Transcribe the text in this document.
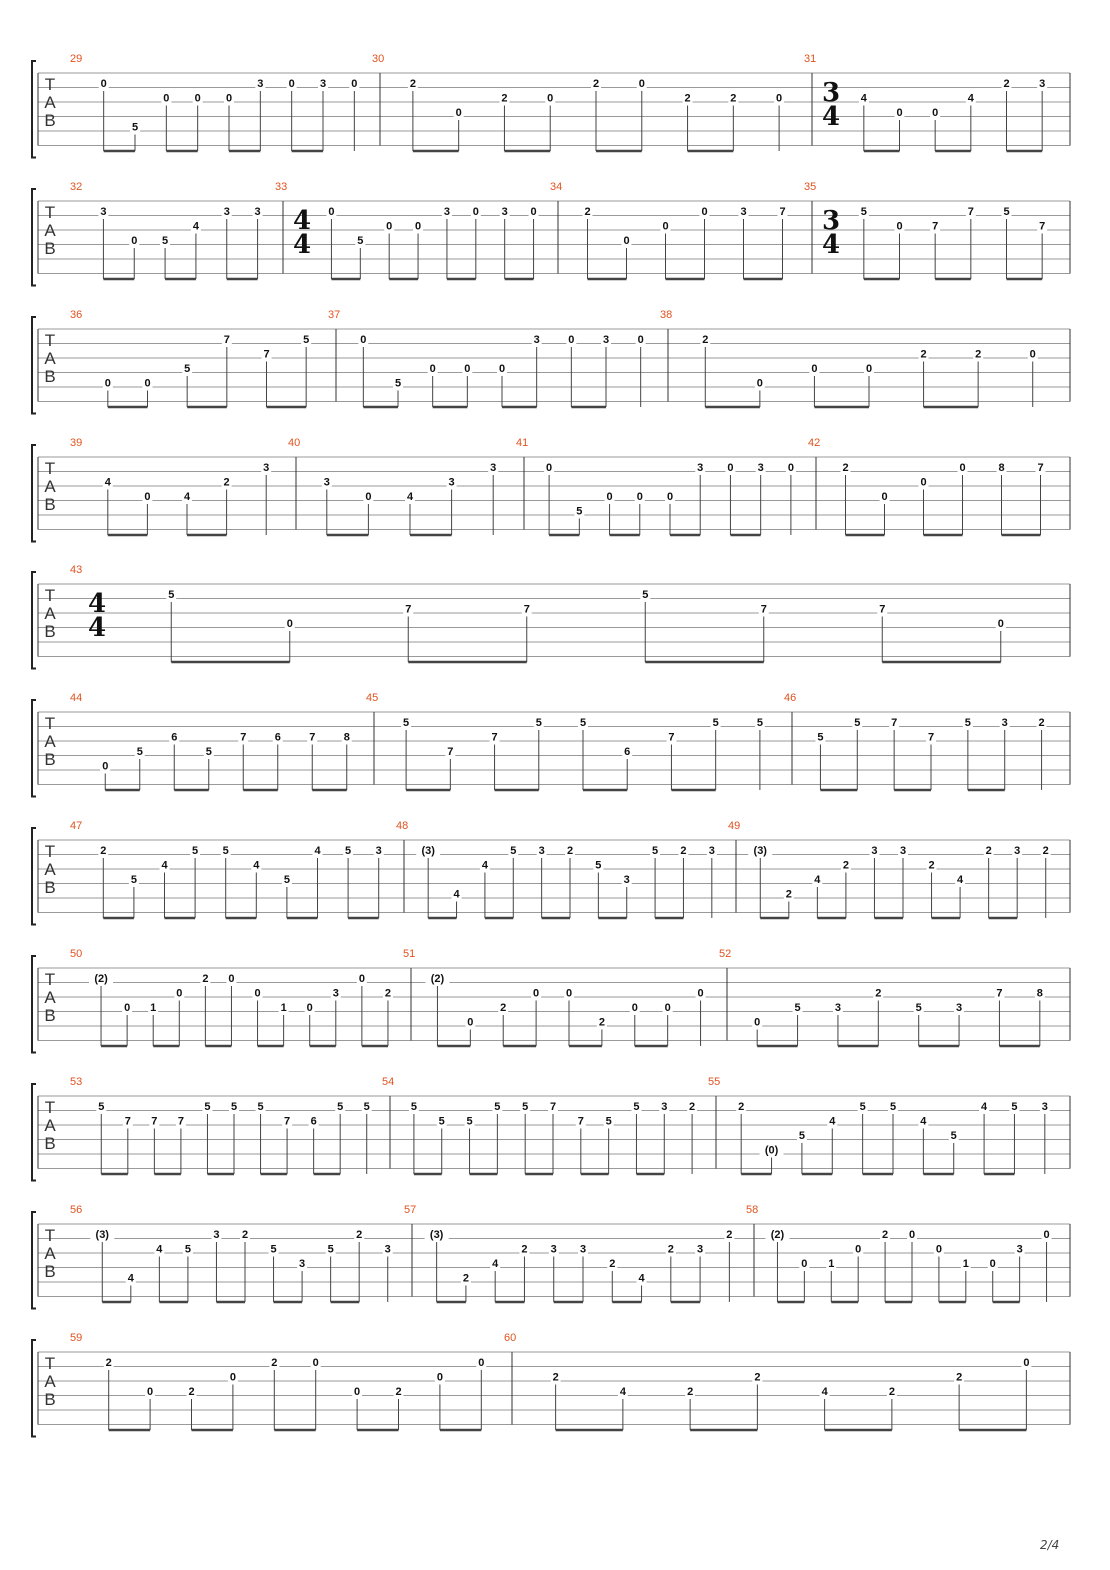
T
A
B
29
0
5
0 0 0
3 0 3 0
30
2
0
2	0
2	0
2	2	0
31
3
4
4
0	0
4
2	3
T
A
B
32
3
0 5
4
3 3
33
4
4
0
5
0 0
3 0 3 0
34
2
0
0
0	3	7
35
3
4
5
0	7
7	5
7
T
A
B
36
0	0
5
7
7
5
37
0
5
0	0	0
3	0	3	0
38
2
0
0	0
2	2	0
T
A
B
39
4
0	4
2
3
40
3
0	4
3
3
41
0
5
0 0 0
3 0 3 0
42
2
0
0
0	8	7
T
A
B
43
4
4
5
0
7	7
5
7	7
0
T
A
B
44
0
5
6
5
7	6	7	8
45
5
7
7
5	5
6
7
5	5
46
5
5	7
7
5	3	2
T
A
B
47
2
5
4
5 5
4
5
4 5 3
48
(3)
4
4
5 3 2
5
3
5 2 3
49
(3)
2
4
2
3 3
2
4
2 3 2
T
A
B
50
(2)
0 1
0
2 0
0
1 0
3
0
2
51
(2)
0
2
0 0
2
0 0
0
52
0
5	3
2
5	3
7	8
T
A
B
53
5
7 7 7
5 5 5
7 6
5 5
54
5
5 5
5 5 7
7 5
5 3 2
55
2
(0)
5
4
5 5
4
5
4 5 3
T
A
B
56
(3)
4
4 5
3 2
5
3
5
2
3
57
(3)
2
4
2 3 3
2
4
2 3
2
58
(2)
0 1
0
2 0
0
1 0
3
0
T
A
B
59
2
0	2
0
2	0
0	2
0
0
60
2
4	2
2
4	2
2
0
2/4
